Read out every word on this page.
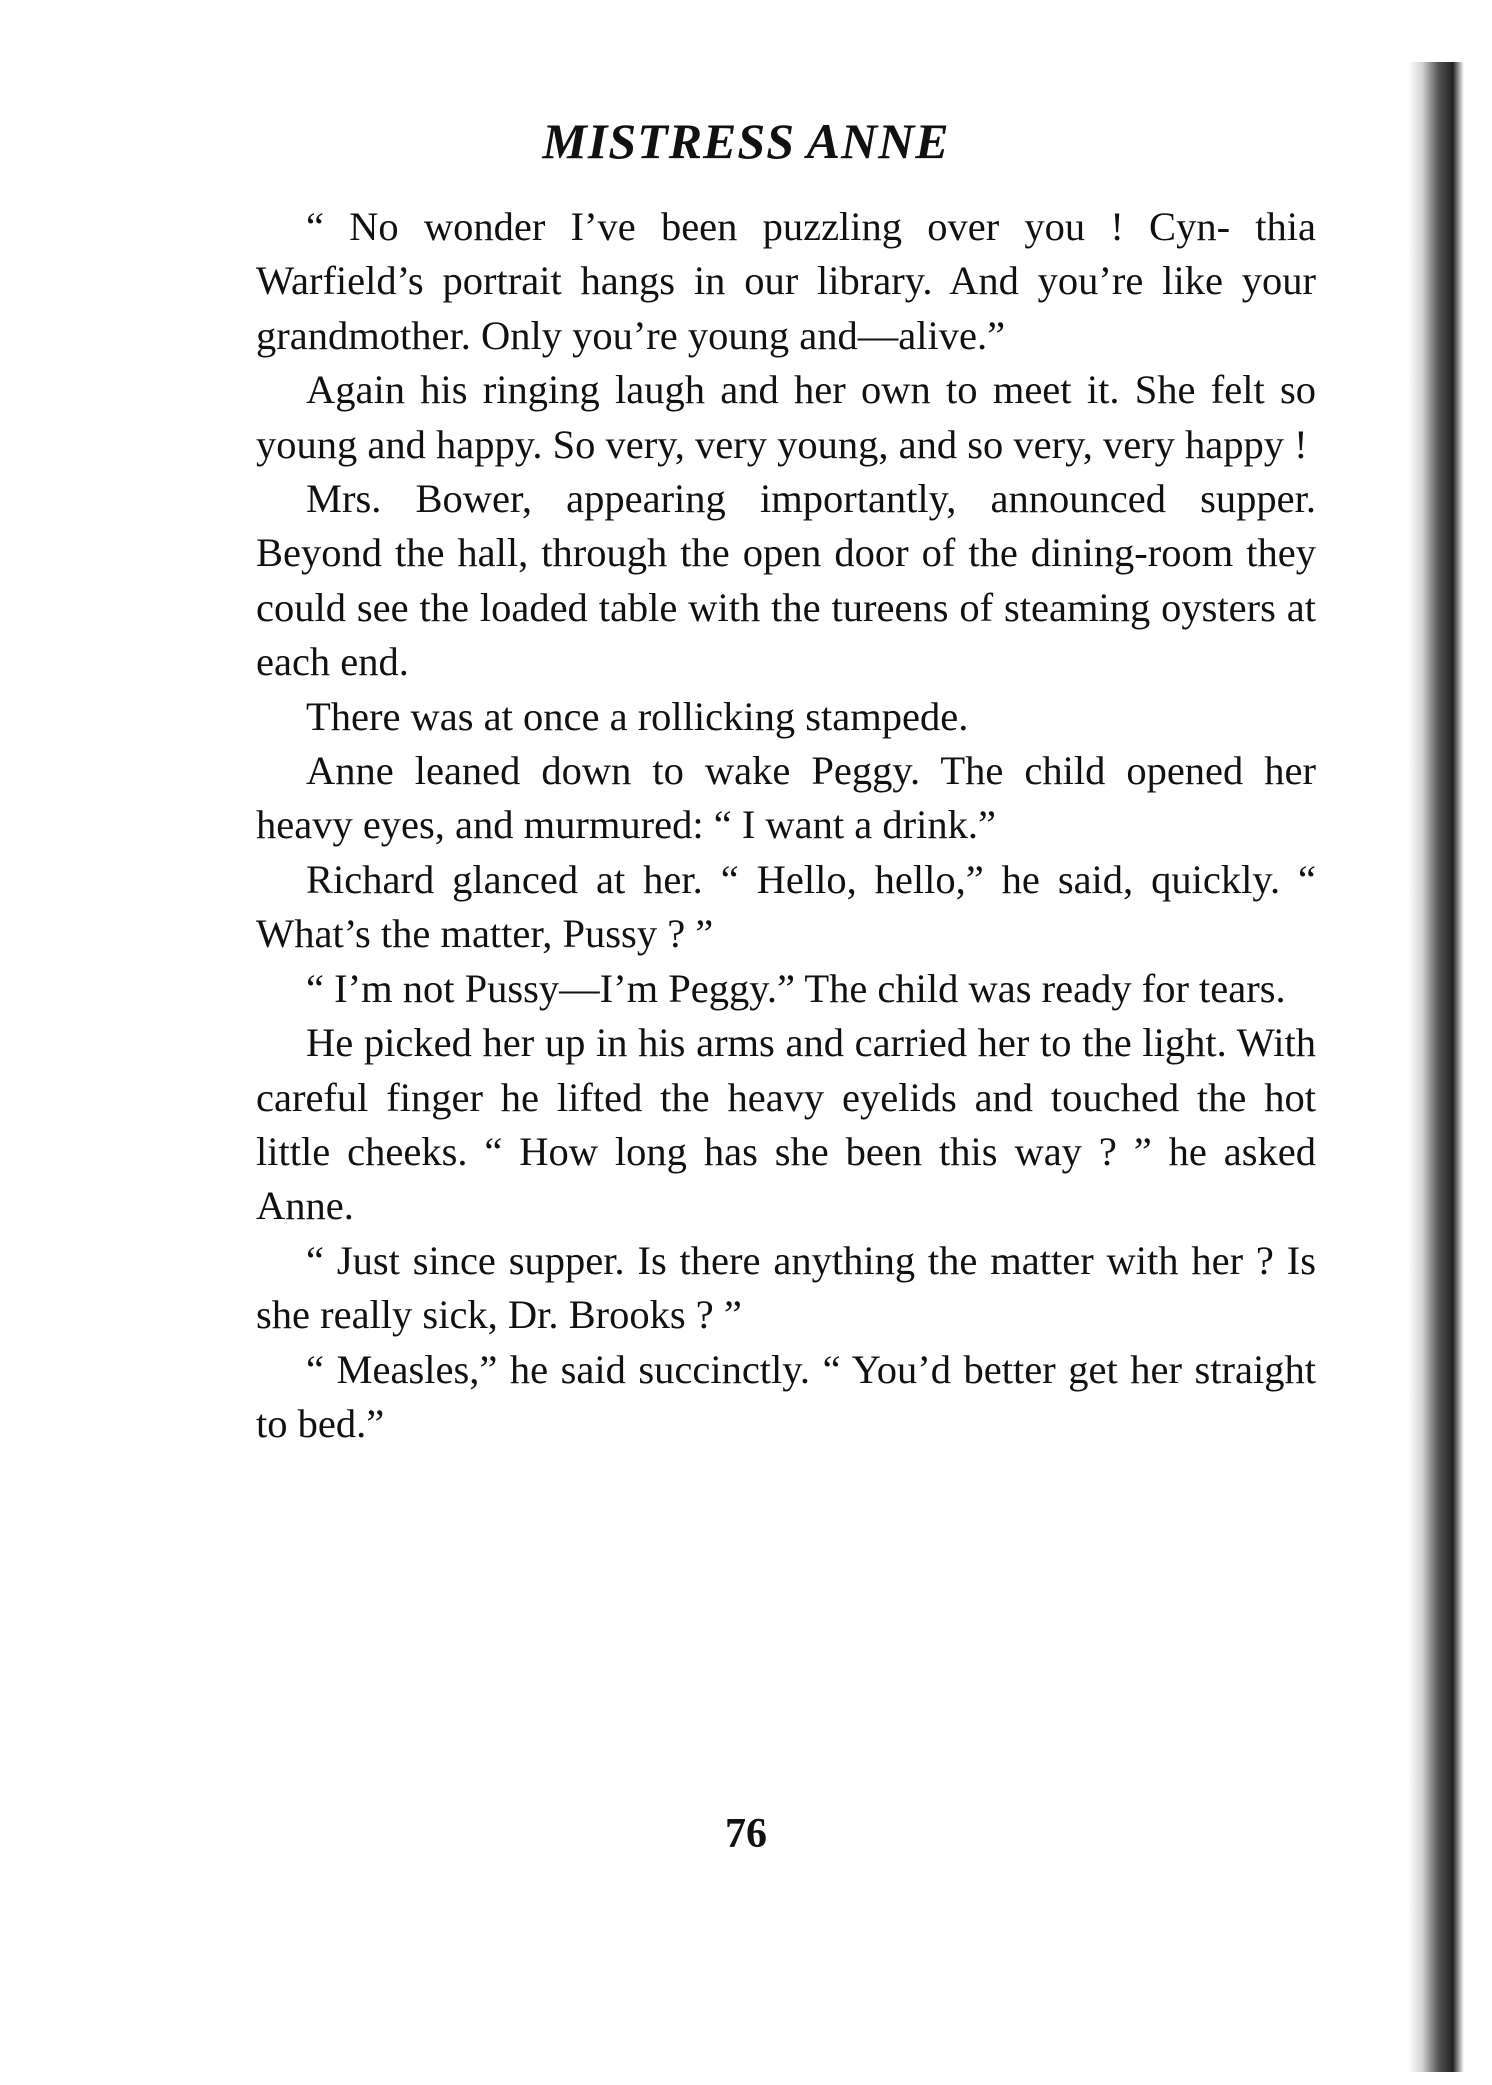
MISTRESS ANNE

“ No wonder I’ve been puzzling over you ! Cyn- thia Warfield’s portrait hangs in our library. And you’re like your grandmother. Only you’re young and—alive.”

Again his ringing laugh and her own to meet it. She felt so young and happy. So very, very young, and so very, very happy !

Mrs. Bower, appearing importantly, announced supper. Beyond the hall, through the open door of the dining-room they could see the loaded table with the tureens of steaming oysters at each end.

There was at once a rollicking stampede.

Anne leaned down to wake Peggy. The child opened her heavy eyes, and murmured: “ I want a drink.”

Richard glanced at her. “ Hello, hello,” he said, quickly. “ What’s the matter, Pussy ? ”

“ I’m not Pussy—I’m Peggy.” The child was ready for tears.

He picked her up in his arms and carried her to the light. With careful finger he lifted the heavy eyelids and touched the hot little cheeks. “ How long has she been this way ? ” he asked Anne.

“ Just since supper. Is there anything the matter with her ? Is she really sick, Dr. Brooks ? ”

“ Measles,” he said succinctly. “ You’d better get her straight to bed.”

76
